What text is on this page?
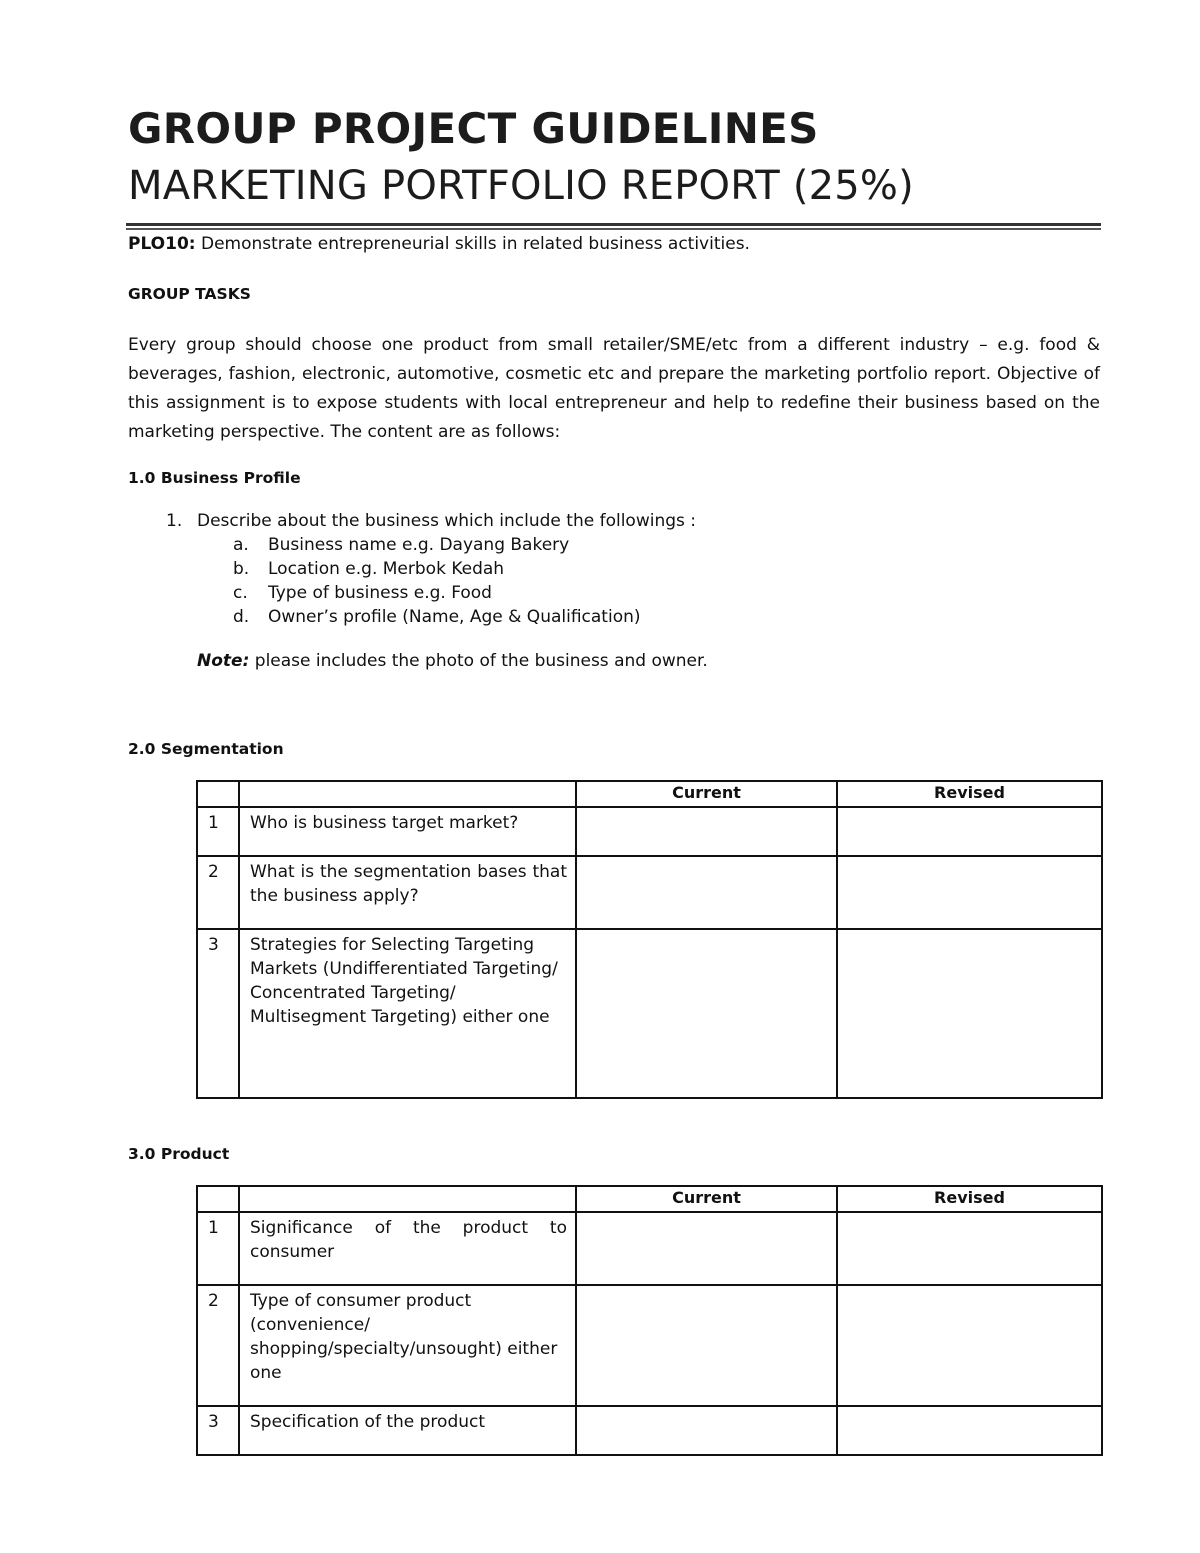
GROUP PROJECT GUIDELINES
MARKETING PORTFOLIO REPORT (25%)
PLO10: Demonstrate entrepreneurial skills in related business activities.
GROUP TASKS

Every group should choose one product from small retailer/SME/etc from a different industry – e.g. food & beverages, fashion, electronic, automotive, cosmetic etc and prepare the marketing portfolio report. Objective of this assignment is to expose students with local entrepreneur and help to redefine their business based on the marketing perspective. The content are as follows:

1.0 Business Profile
1. Describe about the business which include the followings :
a. Business name e.g. Dayang Bakery
b. Location e.g. Merbok Kedah
c. Type of business e.g. Food
d. Owner’s profile (Name, Age & Qualification)
Note: please includes the photo of the business and owner.
2.0 Segmentation
		Current	Revised
1	Who is business target market?		
2	What is the segmentation bases that the business apply?		
3	Strategies for Selecting Targeting Markets (Undifferentiated Targeting/ Concentrated Targeting/ Multisegment Targeting) either one		
3.0 Product
		Current	Revised
1	Significance of the product to consumer		
2	Type of consumer product (convenience/ shopping/specialty/unsought) either one		
3	Specification of the product		
